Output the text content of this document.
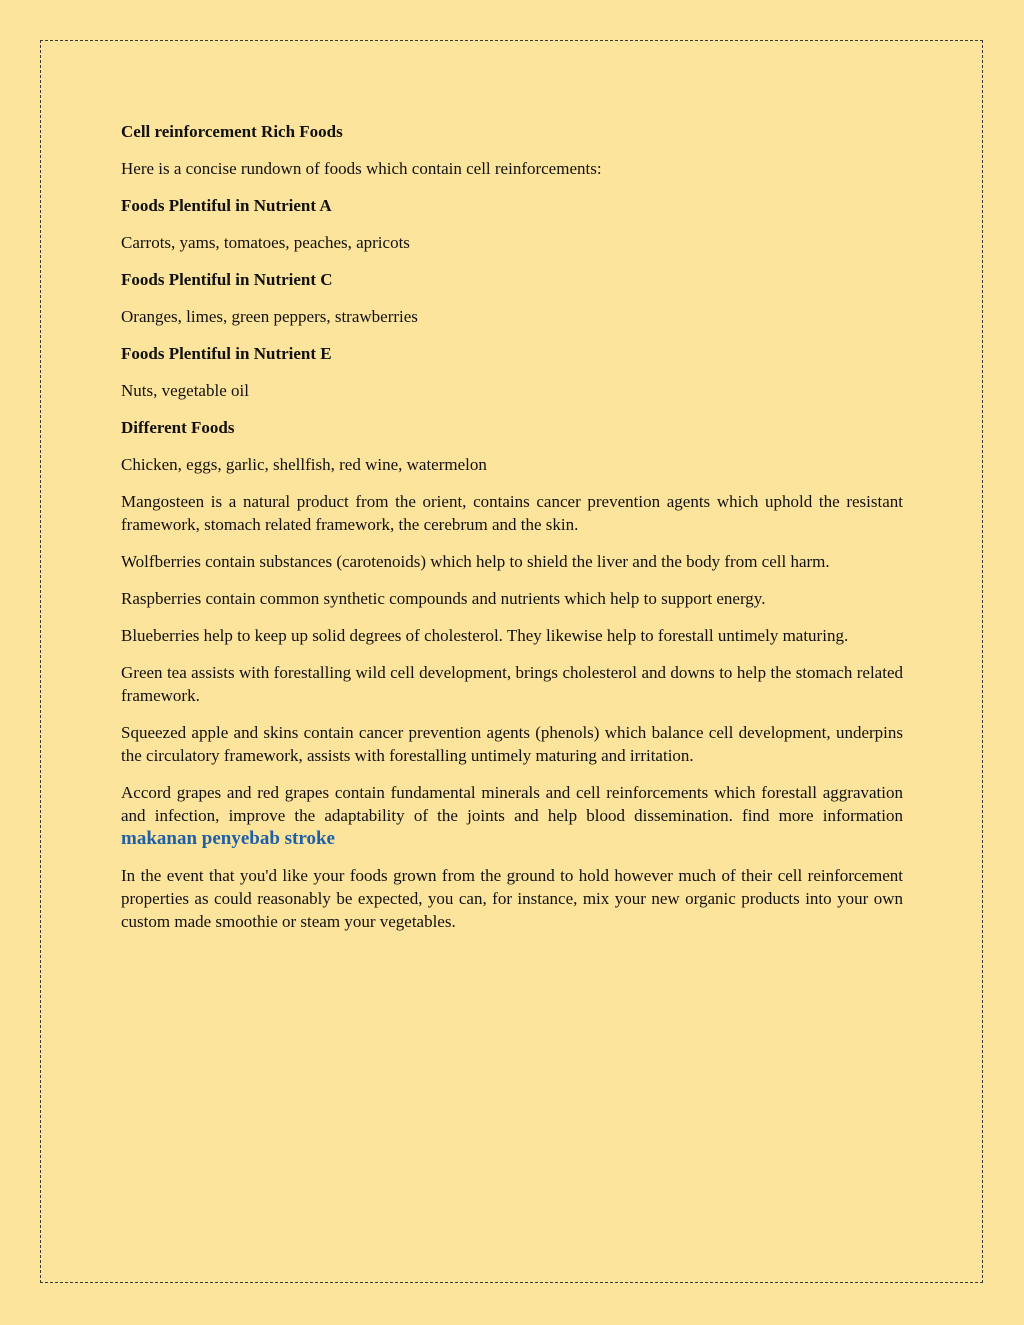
Cell reinforcement Rich Foods

Here is a concise rundown of foods which contain cell reinforcements:

Foods Plentiful in Nutrient A

Carrots, yams, tomatoes, peaches, apricots

Foods Plentiful in Nutrient C

Oranges, limes, green peppers, strawberries

Foods Plentiful in Nutrient E

Nuts, vegetable oil

Different Foods

Chicken, eggs, garlic, shellfish, red wine, watermelon

Mangosteen is a natural product from the orient, contains cancer prevention agents which uphold the resistant framework, stomach related framework, the cerebrum and the skin.

Wolfberries contain substances (carotenoids) which help to shield the liver and the body from cell harm.

Raspberries contain common synthetic compounds and nutrients which help to support energy.

Blueberries help to keep up solid degrees of cholesterol. They likewise help to forestall untimely maturing.

Green tea assists with forestalling wild cell development, brings cholesterol and downs to help the stomach related framework.

Squeezed apple and skins contain cancer prevention agents (phenols) which balance cell development, underpins the circulatory framework, assists with forestalling untimely maturing and irritation.

Accord grapes and red grapes contain fundamental minerals and cell reinforcements which forestall aggravation and infection, improve the adaptability of the joints and help blood dissemination. find more information makanan penyebab stroke

In the event that you'd like your foods grown from the ground to hold however much of their cell reinforcement properties as could reasonably be expected, you can, for instance, mix your new organic products into your own custom made smoothie or steam your vegetables.
